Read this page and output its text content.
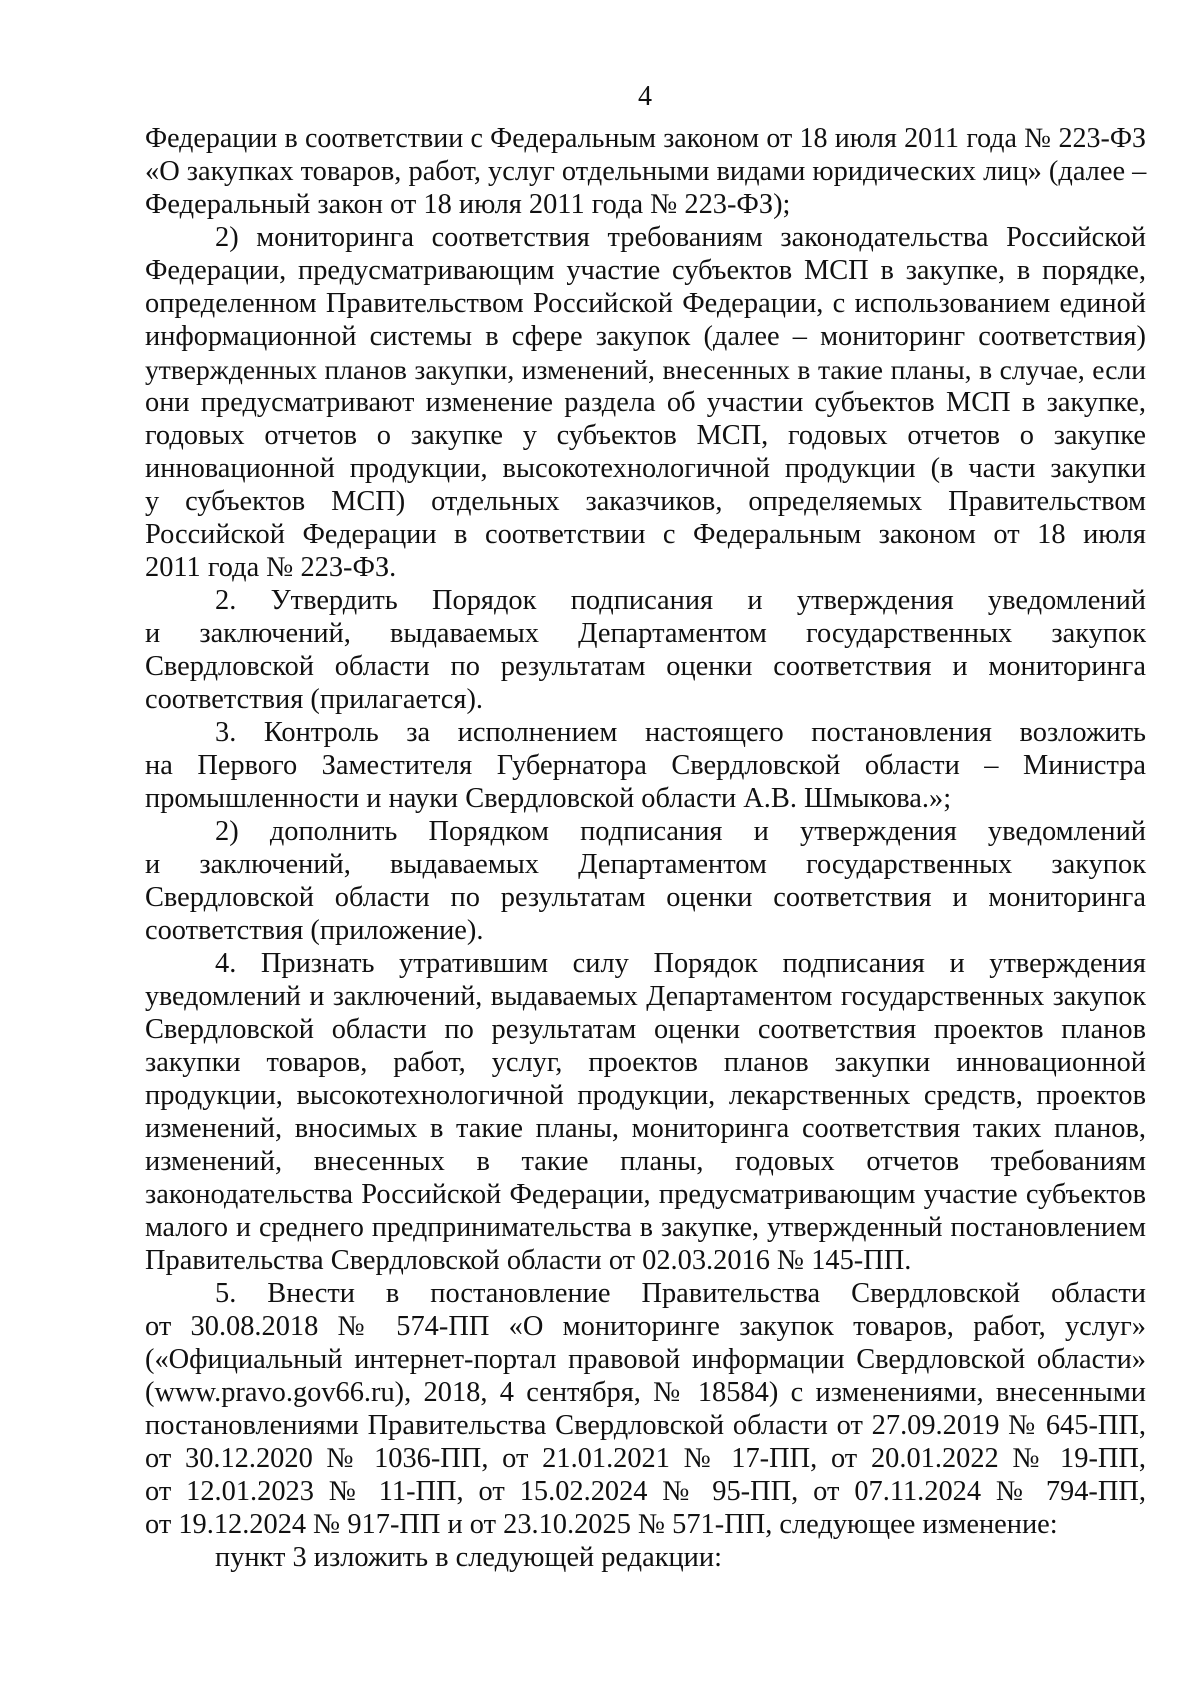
4
Федерации в соответствии с Федеральным законом от 18 июля 2011 года № 223-ФЗ
«О закупках товаров, работ, услуг отдельными видами юридических лиц» (далее –
Федеральный закон от 18 июля 2011 года № 223-ФЗ);
2) мониторинга соответствия требованиям законодательства Российской
Федерации, предусматривающим участие субъектов МСП в закупке, в порядке,
определенном Правительством Российской Федерации, с использованием единой
информационной системы в сфере закупок (далее – мониторинг соответствия)
утвержденных планов закупки, изменений, внесенных в такие планы, в случае, если
они предусматривают изменение раздела об участии субъектов МСП в закупке,
годовых отчетов о закупке у субъектов МСП, годовых отчетов о закупке
инновационной продукции, высокотехнологичной продукции (в части закупки
у субъектов МСП) отдельных заказчиков, определяемых Правительством
Российской Федерации в соответствии с Федеральным законом от 18 июля
2011 года № 223-ФЗ.
2. Утвердить Порядок подписания и утверждения уведомлений
и заключений, выдаваемых Департаментом государственных закупок
Свердловской области по результатам оценки соответствия и мониторинга
соответствия (прилагается).
3. Контроль за исполнением настоящего постановления возложить
на Первого Заместителя Губернатора Свердловской области – Министра
промышленности и науки Свердловской области А.В. Шмыкова.»;
2) дополнить Порядком подписания и утверждения уведомлений
и заключений, выдаваемых Департаментом государственных закупок
Свердловской области по результатам оценки соответствия и мониторинга
соответствия (приложение).
4. Признать утратившим силу Порядок подписания и утверждения
уведомлений и заключений, выдаваемых Департаментом государственных закупок
Свердловской области по результатам оценки соответствия проектов планов
закупки товаров, работ, услуг, проектов планов закупки инновационной
продукции, высокотехнологичной продукции, лекарственных средств, проектов
изменений, вносимых в такие планы, мониторинга соответствия таких планов,
изменений, внесенных в такие планы, годовых отчетов требованиям
законодательства Российской Федерации, предусматривающим участие субъектов
малого и среднего предпринимательства в закупке, утвержденный постановлением
Правительства Свердловской области от 02.03.2016 № 145-ПП.
5. Внести в постановление Правительства Свердловской области
от 30.08.2018 № 574-ПП «О мониторинге закупок товаров, работ, услуг»
(«Официальный интернет-портал правовой информации Свердловской области»
(www.pravo.gov66.ru), 2018, 4 сентября, № 18584) с изменениями, внесенными
постановлениями Правительства Свердловской области от 27.09.2019 № 645-ПП,
от 30.12.2020 № 1036-ПП, от 21.01.2021 № 17-ПП, от 20.01.2022 № 19-ПП,
от 12.01.2023 № 11-ПП, от 15.02.2024 № 95-ПП, от 07.11.2024 № 794-ПП,
от 19.12.2024 № 917-ПП и от 23.10.2025 № 571-ПП, следующее изменение:
пункт 3 изложить в следующей редакции:
